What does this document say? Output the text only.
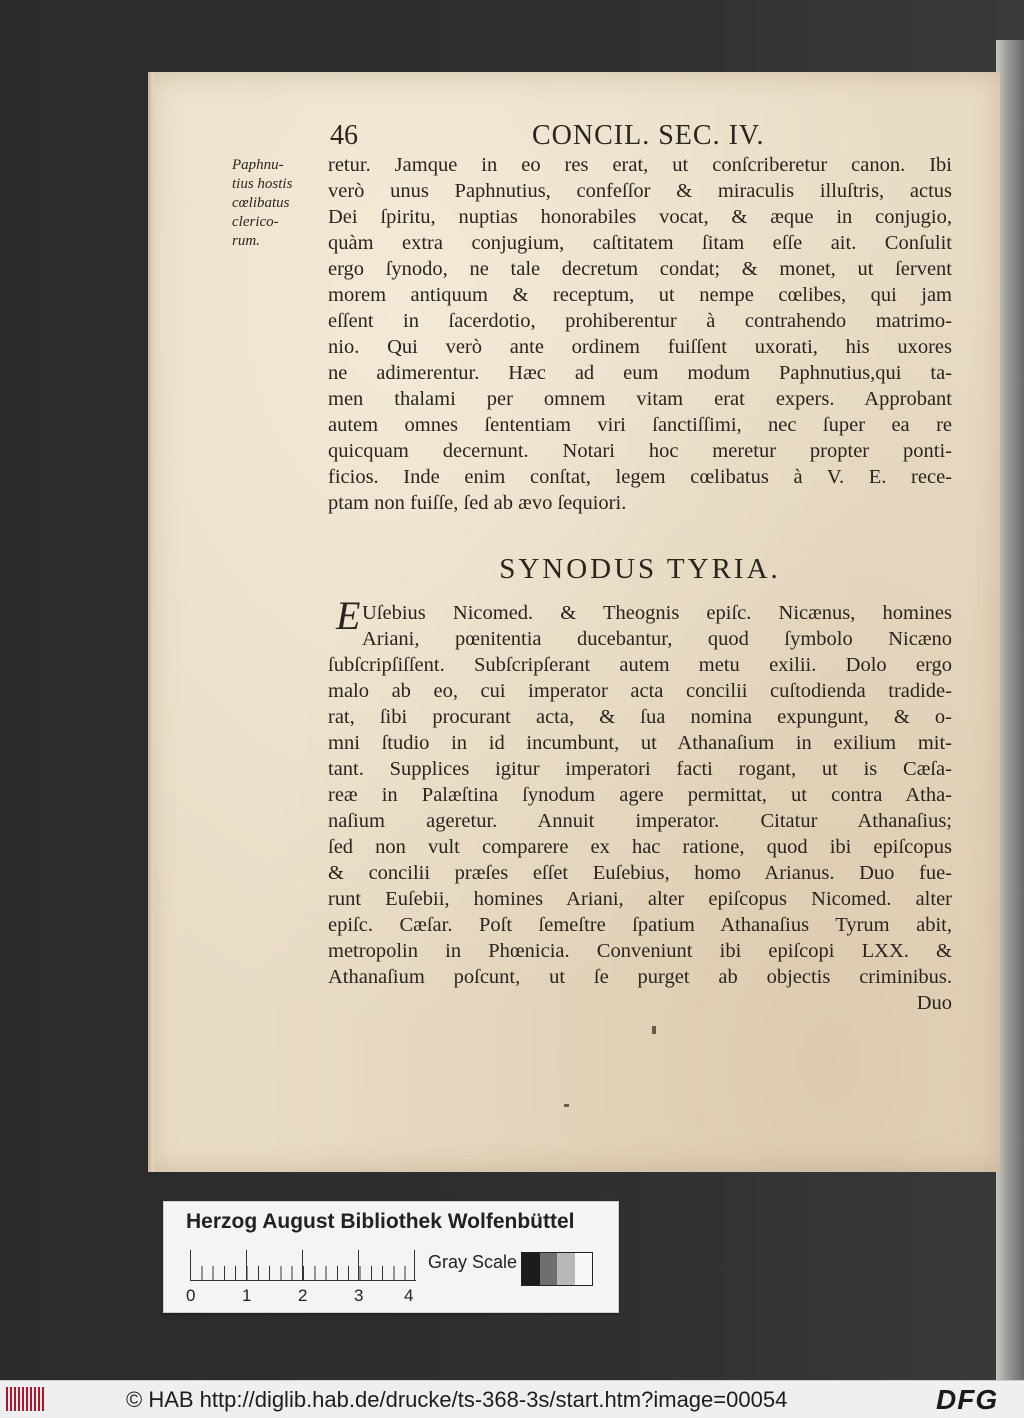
46	CONCIL. SEC. IV.
Paphnu-
tius hostis
cœlibatus
clerico-
rum.
retur. Jamque in eo res erat, ut conſcriberetur canon. Ibi
verò unus Paphnutius, confeſſor & miraculis illuſtris, actus
Dei ſpiritu, nuptias honorabiles vocat, & æque in conjugio,
quàm extra conjugium, caſtitatem ſitam eſſe ait. Conſulit
ergo ſynodo, ne tale decretum condat; & monet, ut ſervent
morem antiquum & receptum, ut nempe cœlibes, qui jam
eſſent in ſacerdotio, prohiberentur à contrahendo matrimo-
nio. Qui verò ante ordinem fuiſſent uxorati, his uxores
ne adimerentur. Hæc ad eum modum Paphnutius,qui ta-
men thalami per omnem vitam erat expers. Approbant
autem omnes ſententiam viri ſanctiſſimi, nec ſuper ea re
quicquam decernunt. Notari hoc meretur propter ponti-
ficios. Inde enim conſtat, legem cœlibatus à V. E. rece-
ptam non fuiſſe, ſed ab ævo ſequiori.
SYNODUS TYRIA.
E Uſebius Nicomed. & Theognis epiſc. Nicænus, homines
Ariani, pœnitentia ducebantur, quod ſymbolo Nicæno
ſubſcripſiſſent. Subſcripſerant autem metu exilii. Dolo ergo
malo ab eo, cui imperator acta concilii cuſtodienda tradide-
rat, ſibi procurant acta, & ſua nomina expungunt, & o-
mni ſtudio in id incumbunt, ut Athanaſium in exilium mit-
tant. Supplices igitur imperatori facti rogant, ut is Cæſa-
reæ in Palæſtina ſynodum agere permittat, ut contra Atha-
naſium ageretur. Annuit imperator. Citatur Athanaſius;
ſed non vult comparere ex hac ratione, quod ibi epiſcopus
& concilii præſes eſſet Euſebius, homo Arianus. Duo fue-
runt Euſebii, homines Ariani, alter epiſcopus Nicomed. alter
epiſc. Cæſar. Poſt ſemeſtre ſpatium Athanaſius Tyrum abit,
metropolin in Phœnicia. Conveniunt ibi epiſcopi LXX. &
Athanaſium poſcunt, ut ſe purget ab objectis criminibus.
Duo
Herzog August Bibliothek Wolfenbüttel
0	1	2	3 4
Gray Scale
© HAB http://diglib.hab.de/drucke/ts-368-3s/start.htm?image=00054	DFG
